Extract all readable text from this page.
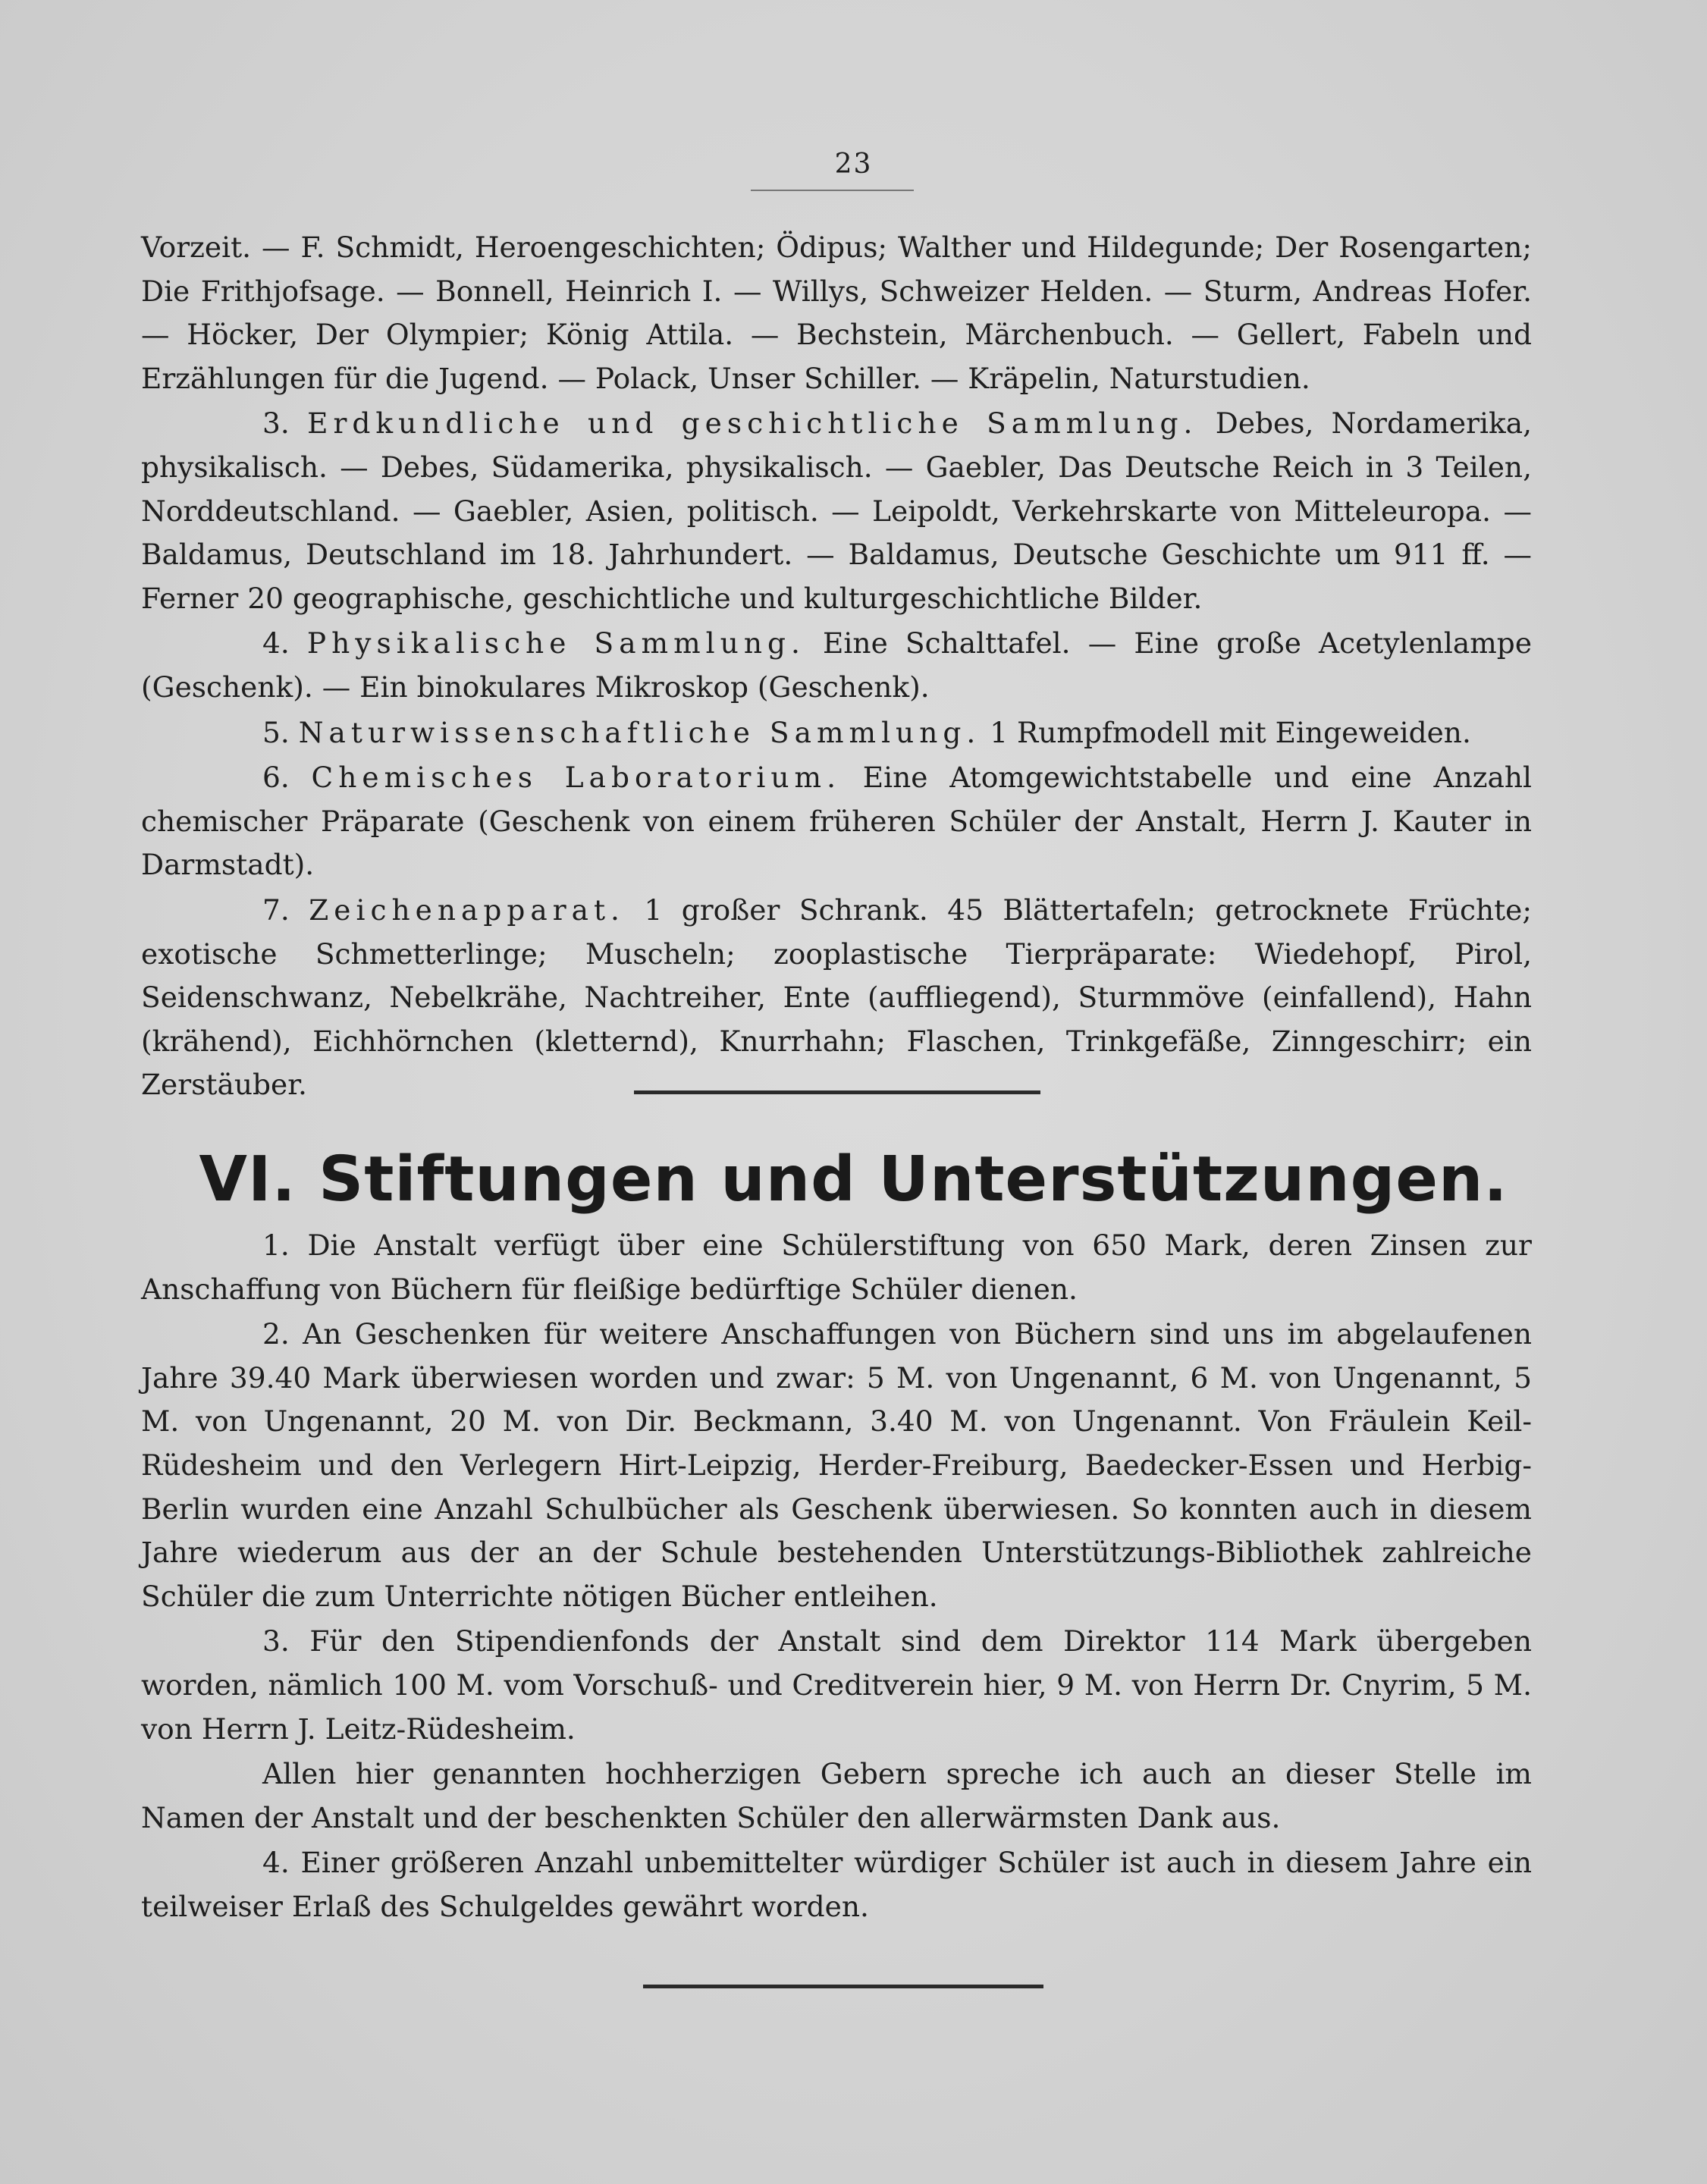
23

Vorzeit. — F. Schmidt, Heroengeschichten; Ödipus; Walther und Hildegunde; Der Rosengarten; Die Frithjofsage. — Bonnell, Heinrich I. — Willys, Schweizer Helden. — Sturm, Andreas Hofer. — Höcker, Der Olympier; König Attila. — Bechstein, Märchenbuch. — Gellert, Fabeln und Erzählungen für die Jugend. — Polack, Unser Schiller. — Kräpelin, Naturstudien.

3. Erdkundliche und geschichtliche Sammlung. Debes, Nordamerika, physikalisch. — Debes, Südamerika, physikalisch. — Gaebler, Das Deutsche Reich in 3 Teilen, Norddeutschland. — Gaebler, Asien, politisch. — Leipoldt, Verkehrskarte von Mitteleuropa. — Baldamus, Deutschland im 18. Jahrhundert. — Baldamus, Deutsche Geschichte um 911 ff. — Ferner 20 geographische, geschichtliche und kulturgeschichtliche Bilder.

4. Physikalische Sammlung. Eine Schalttafel. — Eine große Acetylenlampe (Geschenk). — Ein binokulares Mikroskop (Geschenk).

5. Naturwissenschaftliche Sammlung. 1 Rumpfmodell mit Eingeweiden.

6. Chemisches Laboratorium. Eine Atomgewichtstabelle und eine Anzahl chemischer Präparate (Geschenk von einem früheren Schüler der Anstalt, Herrn J. Kauter in Darmstadt).

7. Zeichenapparat. 1 großer Schrank. 45 Blättertafeln; getrocknete Früchte; exotische Schmetterlinge; Muscheln; zooplastische Tierpräparate: Wiedehopf, Pirol, Seidenschwanz, Nebelkrähe, Nachtreiher, Ente (auffliegend), Sturmmöve (einfallend), Hahn (krähend), Eichhörnchen (kletternd), Knurrhahn; Flaschen, Trinkgefäße, Zinngeschirr; ein Zerstäuber.

VI. Stiftungen und Unterstützungen.

1. Die Anstalt verfügt über eine Schülerstiftung von 650 Mark, deren Zinsen zur Anschaffung von Büchern für fleißige bedürftige Schüler dienen.

2. An Geschenken für weitere Anschaffungen von Büchern sind uns im abgelaufenen Jahre 39.40 Mark überwiesen worden und zwar: 5 M. von Ungenannt, 6 M. von Ungenannt, 5 M. von Ungenannt, 20 M. von Dir. Beckmann, 3.40 M. von Ungenannt. Von Fräulein Keil-Rüdesheim und den Verlegern Hirt-Leipzig, Herder-Freiburg, Baedecker-Essen und Herbig-Berlin wurden eine Anzahl Schulbücher als Geschenk überwiesen. So konnten auch in diesem Jahre wiederum aus der an der Schule bestehenden Unterstützungs-Bibliothek zahlreiche Schüler die zum Unterrichte nötigen Bücher entleihen.

3. Für den Stipendienfonds der Anstalt sind dem Direktor 114 Mark übergeben worden, nämlich 100 M. vom Vorschuß- und Creditverein hier, 9 M. von Herrn Dr. Cnyrim, 5 M. von Herrn J. Leitz-Rüdesheim.

Allen hier genannten hochherzigen Gebern spreche ich auch an dieser Stelle im Namen der Anstalt und der beschenkten Schüler den allerwärmsten Dank aus.

4. Einer größeren Anzahl unbemittelter würdiger Schüler ist auch in diesem Jahre ein teilweiser Erlaß des Schulgeldes gewährt worden.
